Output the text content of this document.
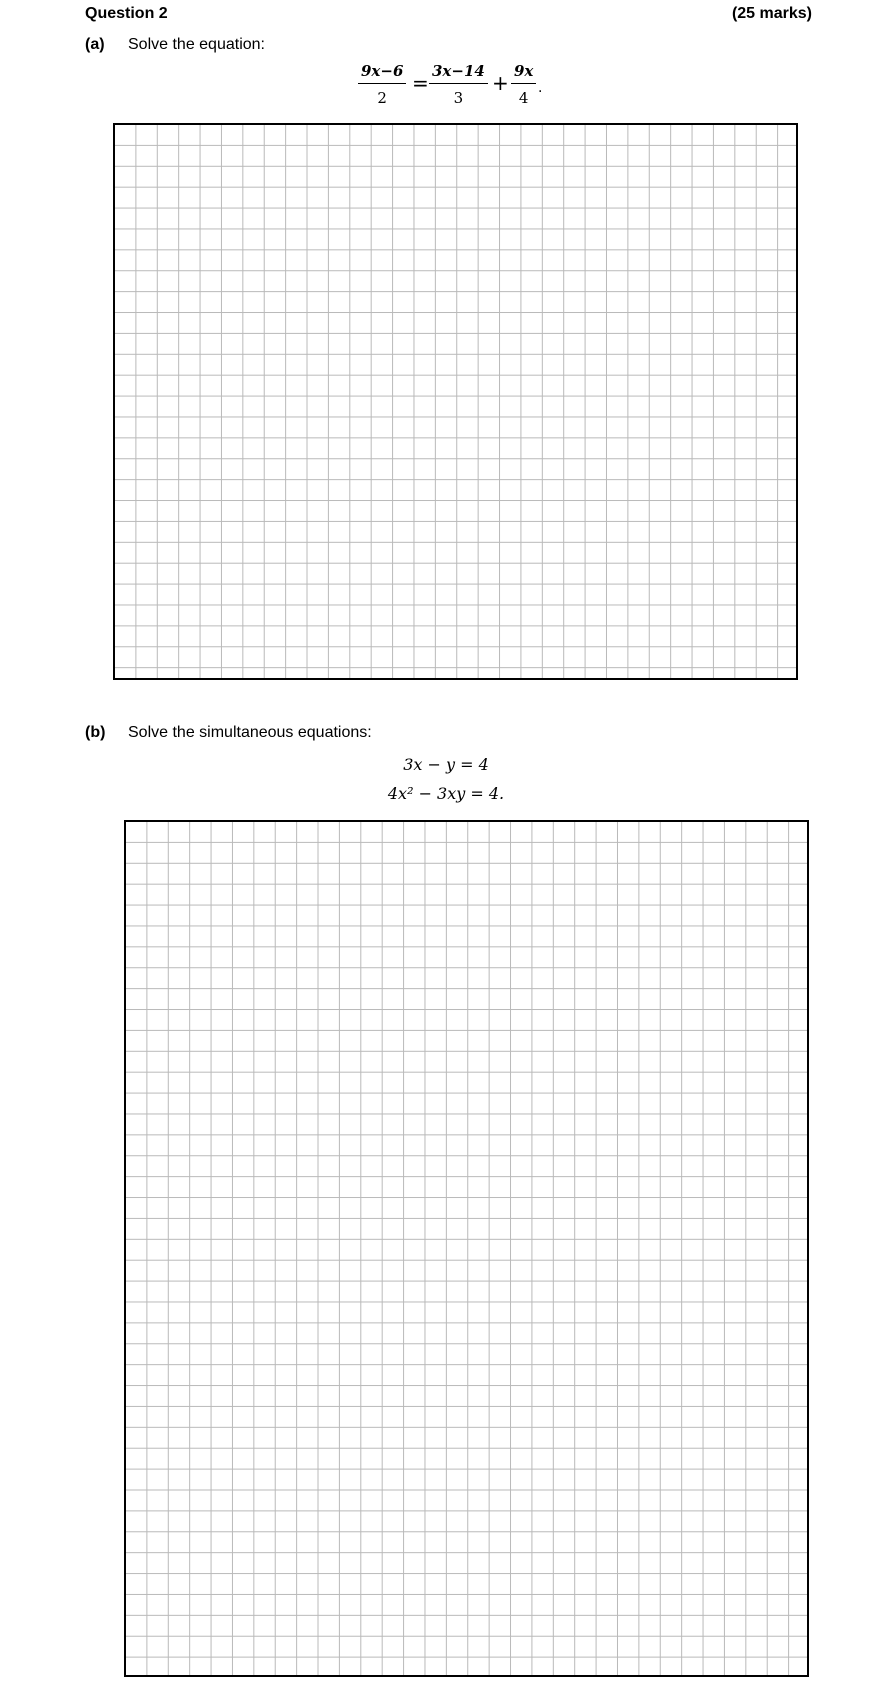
Question 2	(25 marks)
(a) Solve the equation:
$\frac{9x-6}{2} = \frac{3x-14}{3} + \frac{9x}{4}$ .
(b) Solve the simultaneous equations:
3x − y = 4
4x² − 3xy = 4.
